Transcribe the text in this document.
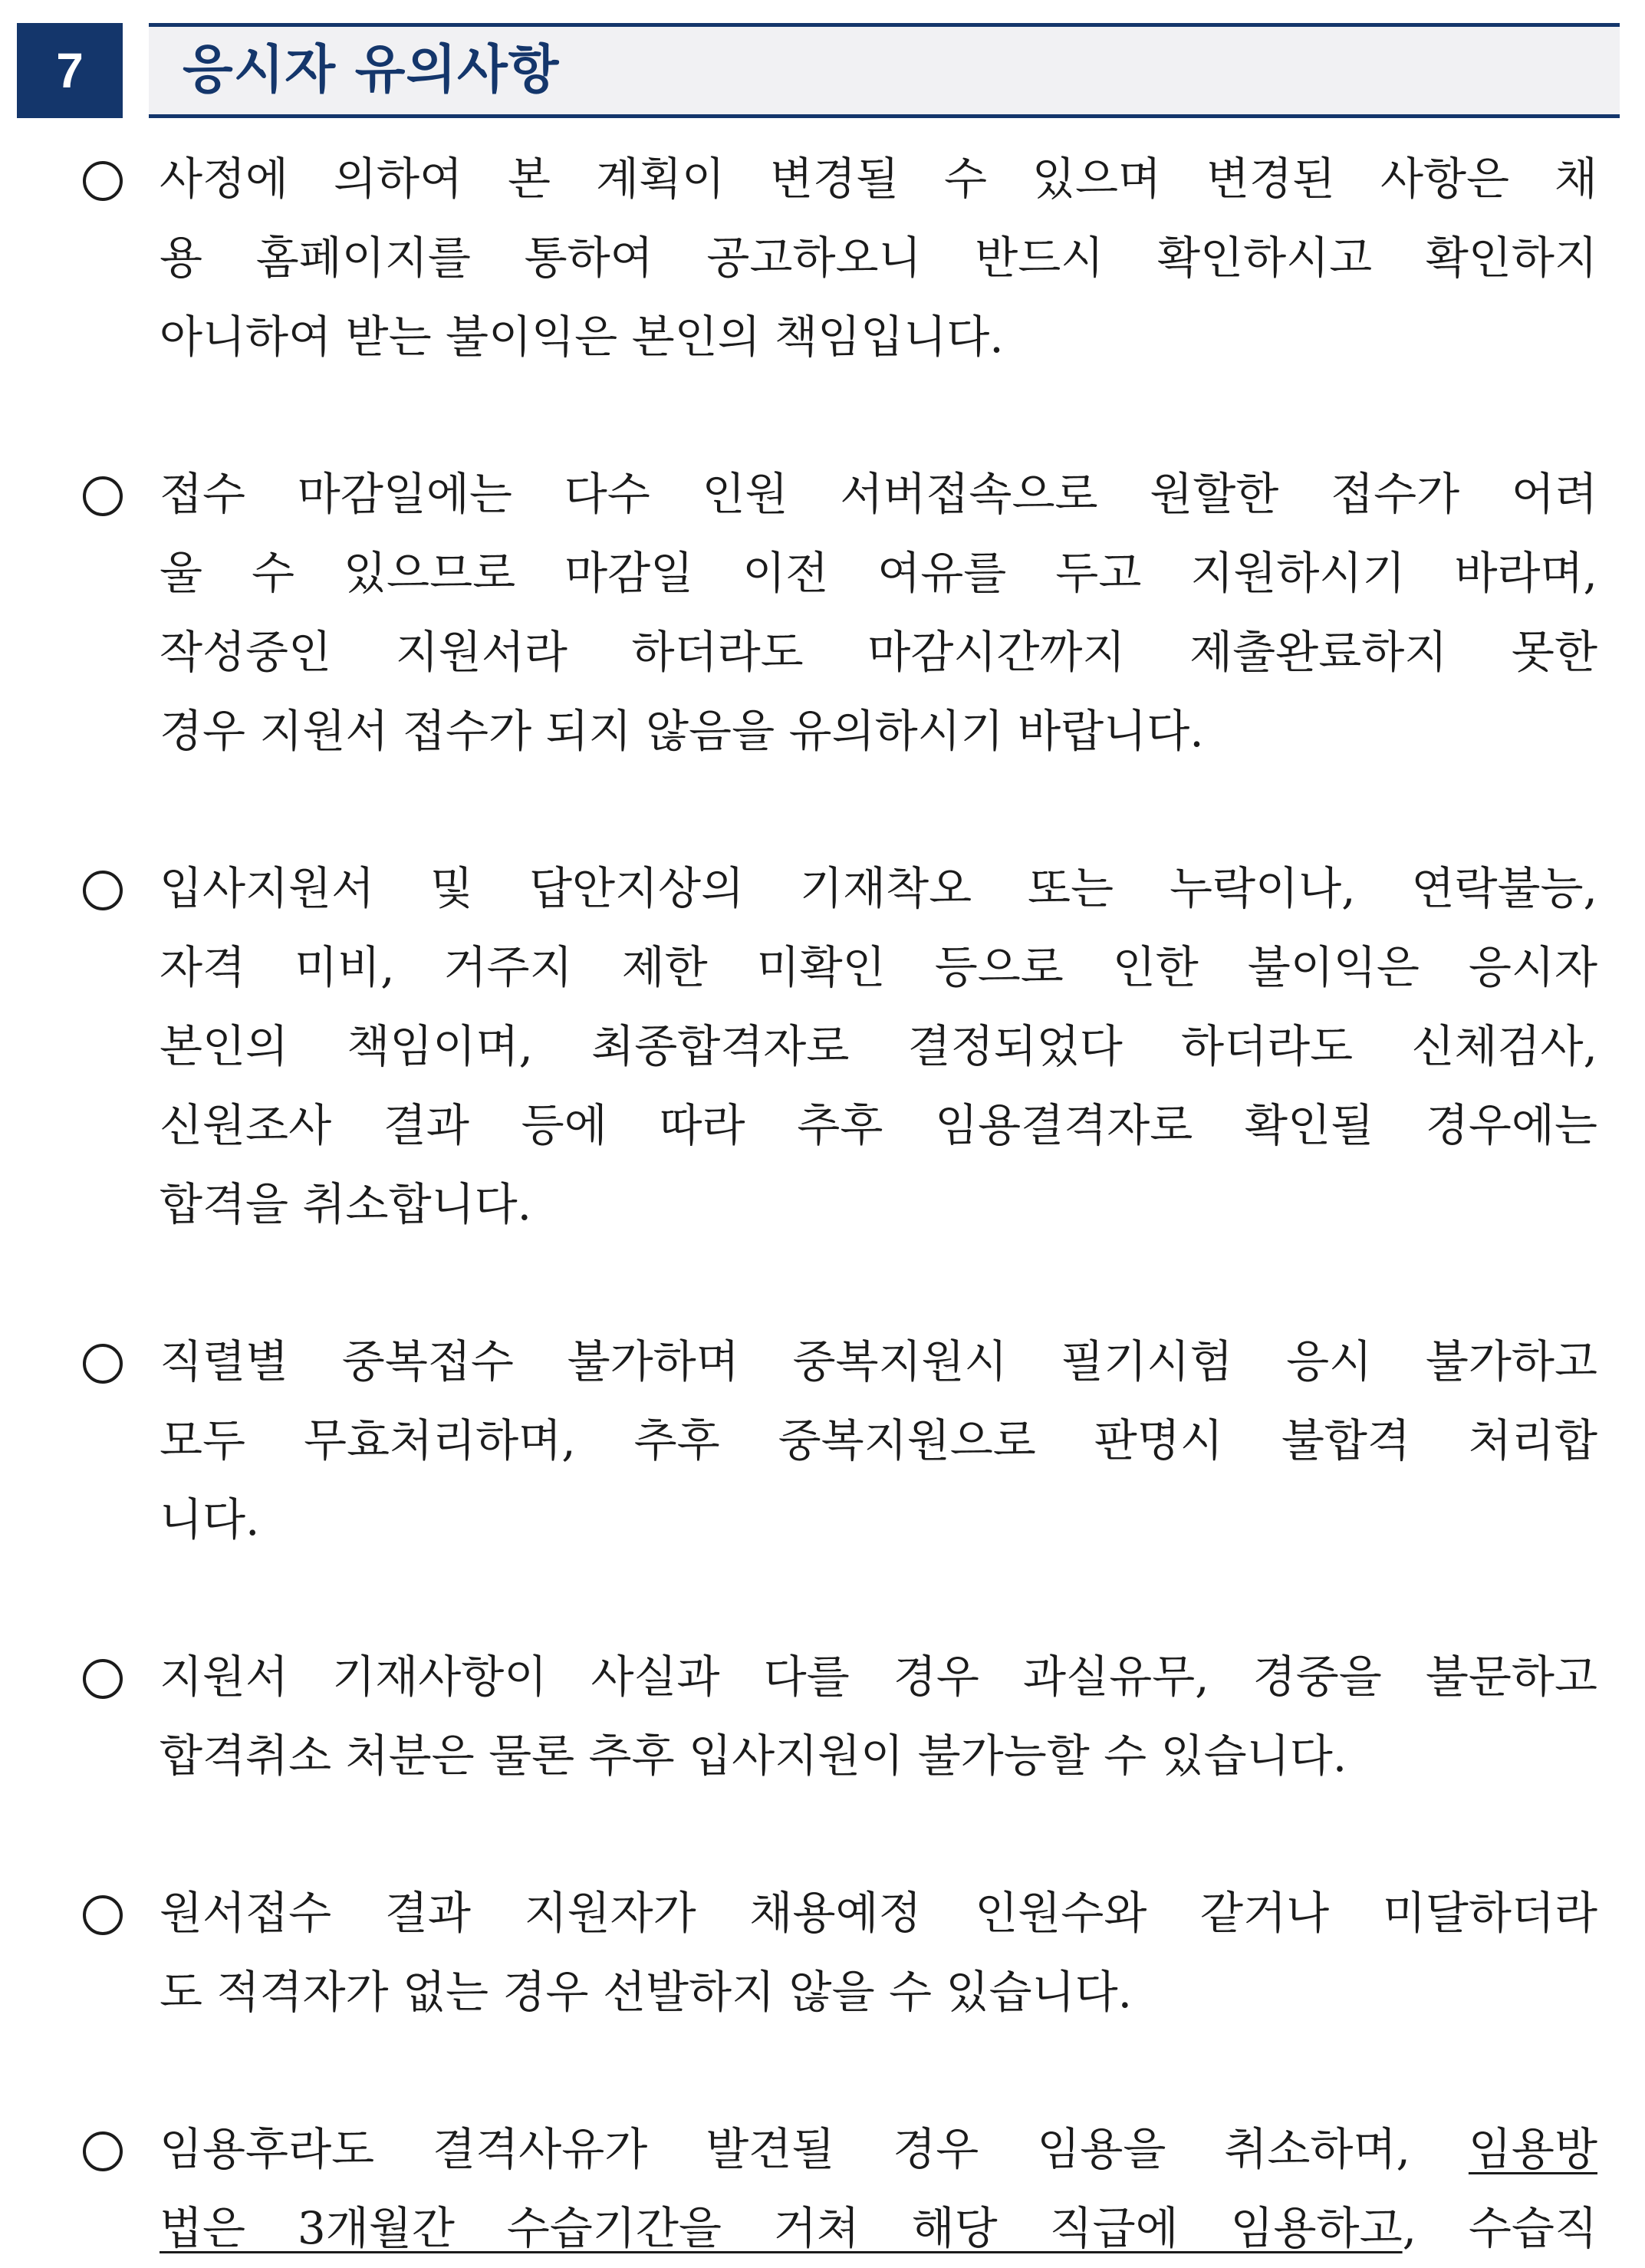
7	응시자 유의사항
사정에 의하여 본 계획이 변경될 수 있으며 변경된 사항은 채
용 홈페이지를 통하여 공고하오니 반드시 확인하시고 확인하지
아니하여 받는 불이익은 본인의 책임입니다.
접수 마감일에는 다수 인원 서버접속으로 원할한 접수가 어려
울 수 있으므로 마감일 이전 여유를 두고 지원하시기 바라며,
작성중인 지원서라 하더라도 마감시간까지 제출완료하지 못한
경우 지원서 접수가 되지 않음을 유의하시기 바랍니다.
입사지원서 및 답안지상의 기재착오 또는 누락이나, 연락불능,
자격 미비, 거주지 제한 미확인 등으로 인한 불이익은 응시자
본인의 책임이며, 최종합격자로 결정되었다 하더라도 신체검사,
신원조사 결과 등에 따라 추후 임용결격자로 확인될 경우에는
합격을 취소합니다.
직렬별 중복접수 불가하며 중복지원시 필기시험 응시 불가하고
모두 무효처리하며, 추후 중복지원으로 판명시 불합격 처리합
니다.
지원서 기재사항이 사실과 다를 경우 과실유무, 경중을 불문하고
합격취소 처분은 물론 추후 입사지원이 불가능할 수 있습니다.
원서접수 결과 지원자가 채용예정 인원수와 같거나 미달하더라
도 적격자가 없는 경우 선발하지 않을 수 있습니다.
임용후라도 결격사유가 발견될 경우 임용을 취소하며, 임용방
법은 3개월간 수습기간을 거쳐 해당 직급에 임용하고, 수습직
